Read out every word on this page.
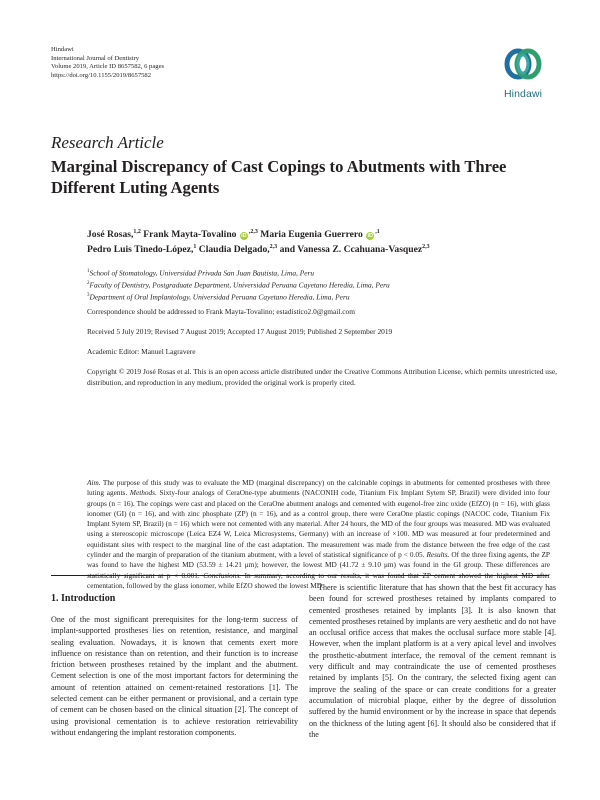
Hindawi
International Journal of Dentistry
Volume 2019, Article ID 8657582, 6 pages
https://doi.org/10.1155/2019/8657582
Hindawi
Research Article
Marginal Discrepancy of Cast Copings to Abutments with Three Different Luting Agents
José Rosas,$^{1,2}$ Frank Mayta-Tovalino $iD^{,2,3}$ Maria Eugenia Guerrero $iD^{,1}$
Pedro Luis Tinedo-López,$^1$ Claudia Delgado,$^{2,3}$ and Vanessa Z. Ccahuana-Vasquez$^{2,3}$
$^1$School of Stomatology, Universidad Privada San Juan Bautista, Lima, Peru
$^2$Faculty of Dentistry, Postgraduate Department, Universidad Peruana Cayetano Heredia, Lima, Peru
$^3$Department of Oral Implantology, Universidad Peruana Cayetano Heredia, Lima, Peru
Correspondence should be addressed to Frank Mayta-Tovalino; estadistico2.0@gmail.com
Received 5 July 2019; Revised 7 August 2019; Accepted 17 August 2019; Published 2 September 2019
Academic Editor: Manuel Lagravere
Copyright © 2019 José Rosas et al. This is an open access article distributed under the Creative Commons Attribution License, which permits unrestricted use, distribution, and reproduction in any medium, provided the original work is properly cited.
Aim. The purpose of this study was to evaluate the MD (marginal discrepancy) on the calcinable copings in abutments for cemented prostheses with three luting agents. Methods. Sixty-four analogs of CeraOne-type abutments (NACONIH code, Titanium Fix Implant Sytem SP, Brazil) were divided into four groups (n = 16). The copings were cast and placed on the CeraOne abutment analogs and cemented with eugenol-free zinc oxide (EfZO) (n = 16), with glass ionomer (GI) (n = 16), and with zinc phosphate (ZP) (n = 16), and as a control group, there were CeraOne plastic copings (NACOC code, Titanium Fix Implant Sytem SP, Brazil) (n = 16) which were not cemented with any material. After 24 hours, the MD of the four groups was measured. MD was evaluated using a stereoscopic microscope (Leica EZ4 W, Leica Microsystems, Germany) with an increase of ×100. MD was measured at four predetermined and equidistant sites with respect to the marginal line of the cast adaptation. The measurement was made from the distance between the free edge of the cast cylinder and the margin of preparation of the titanium abutment, with a level of statistical significance of p < 0.05. Results. Of the three fixing agents, the ZP was found to have the highest MD (53.59 ± 14.21 μm); however, the lowest MD (41.72 ± 9.10 μm) was found in the GI group. These differences are statistically significant at p < 0.001. Conclusions. In summary, according to our results, it was found that ZP cement showed the highest MD after cementation, followed by the glass ionomer, while EfZO showed the lowest MD.
1. Introduction
One of the most significant prerequisites for the long-term success of implant-supported prostheses lies on retention, resistance, and marginal sealing evaluation. Nowadays, it is known that cements exert more influence on resistance than on retention, and their function is to increase friction between prostheses retained by the implant and the abutment. Cement selection is one of the most important factors for determining the amount of retention attained on cement-retained restorations [1]. The selected cement can be either permanent or provisional, and a certain type of cement can be chosen based on the clinical situation [2]. The concept of using provisional cementation is to achieve restoration retrievability without endangering the implant restoration components.
There is scientific literature that has shown that the best fit accuracy has been found for screwed prostheses retained by implants compared to cemented prostheses retained by implants [3]. It is also known that cemented prostheses retained by implants are very aesthetic and do not have an occlusal orifice access that makes the occlusal surface more stable [4]. However, when the implant platform is at a very apical level and involves the prosthetic-abutment interface, the removal of the cement remnant is very difficult and may contraindicate the use of cemented prostheses retained by implants [5]. On the contrary, the selected fixing agent can improve the sealing of the space or can create conditions for a greater accumulation of microbial plaque, either by the degree of dissolution suffered by the humid environment or by the increase in space that depends on the thickness of the luting agent [6]. It should also be considered that if the
